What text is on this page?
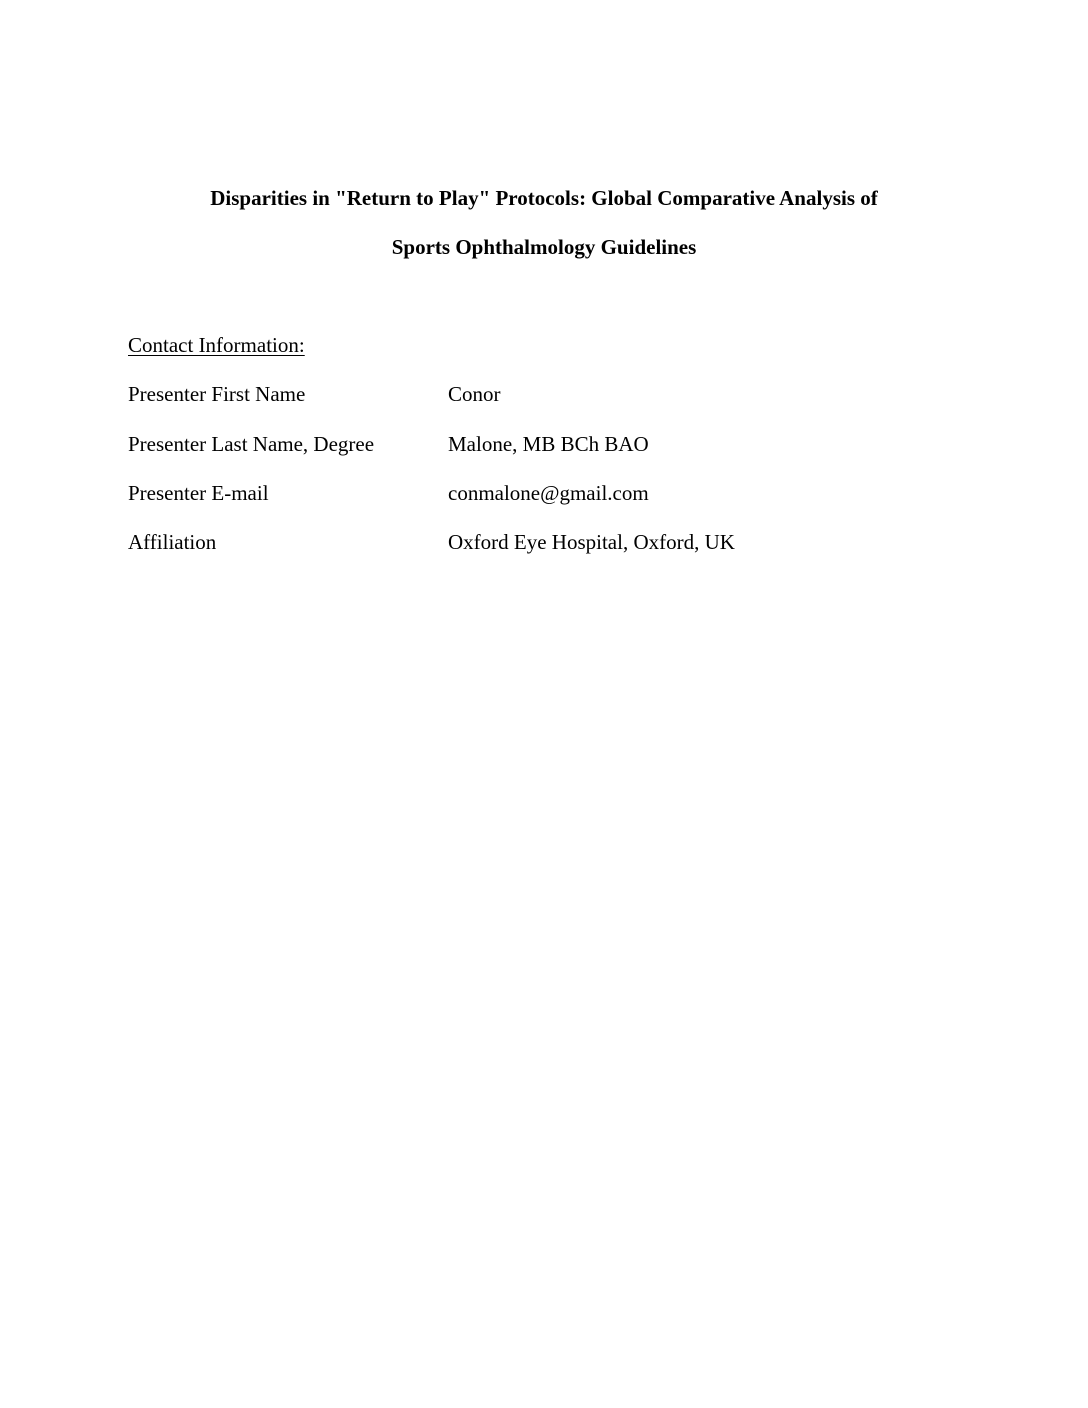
Disparities in "Return to Play" Protocols: Global Comparative Analysis of
Sports Ophthalmology Guidelines
Contact Information:
Presenter First Name	Conor
Presenter Last Name, Degree	Malone, MB BCh BAO
Presenter E-mail	conmalone@gmail.com
Affiliation	Oxford Eye Hospital, Oxford, UK
